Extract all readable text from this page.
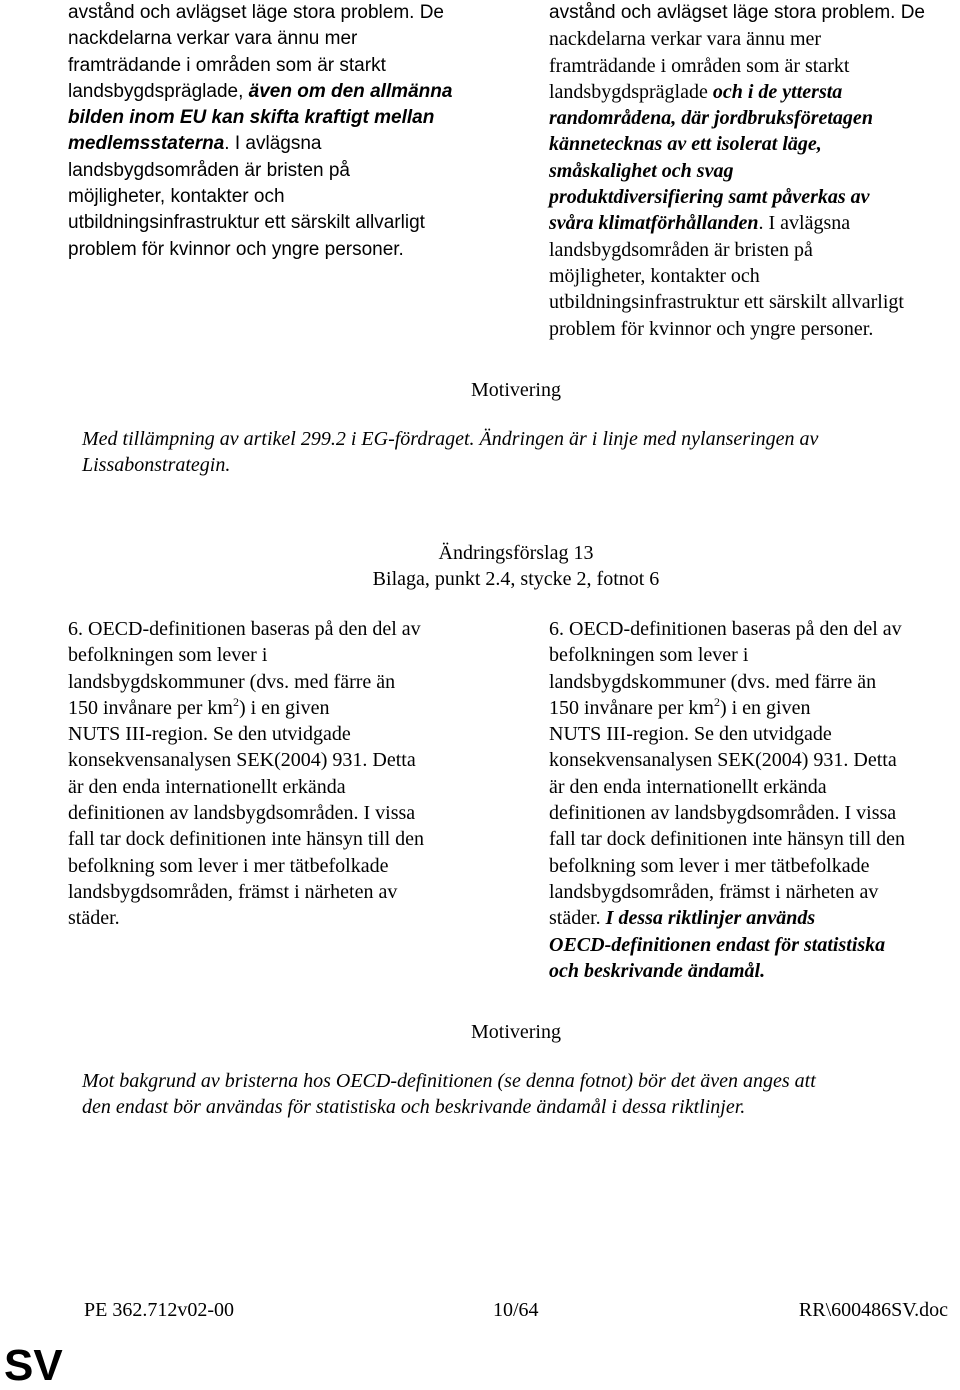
avstånd och avlägset läge stora problem. De
nackdelarna verkar vara ännu mer
framträdande i områden som är starkt
landsbygdspräglade, även om den allmänna
bilden inom EU kan skifta kraftigt mellan
medlemsstaterna. I avlägsna
landsbygdsområden är bristen på
möjligheter, kontakter och
utbildningsinfrastruktur ett särskilt allvarligt
problem för kvinnor och yngre personer.
avstånd och avlägset läge stora problem. De
nackdelarna verkar vara ännu mer
framträdande i områden som är starkt
landsbygdspräglade och i de yttersta
randområdena, där jordbruksföretagen
kännetecknas av ett isolerat läge,
småskalighet och svag
produktdiversifiering samt påverkas av
svåra klimatförhållanden. I avlägsna
landsbygdsområden är bristen på
möjligheter, kontakter och
utbildningsinfrastruktur ett särskilt allvarligt
problem för kvinnor och yngre personer.
Motivering
Med tillämpning av artikel 299.2 i EG-fördraget. Ändringen är i linje med nylanseringen av
Lissabonstrategin.
Ändringsförslag 13
Bilaga, punkt 2.4, stycke 2, fotnot 6
6. OECD-definitionen baseras på den del av
befolkningen som lever i
landsbygdskommuner (dvs. med färre än
150 invånare per $km^2$) i en given
NUTS III-region. Se den utvidgade
konsekvensanalysen SEK(2004) 931. Detta
är den enda internationellt erkända
definitionen av landsbygdsområden. I vissa
fall tar dock definitionen inte hänsyn till den
befolkning som lever i mer tätbefolkade
landsbygdsområden, främst i närheten av
städer.
6. OECD-definitionen baseras på den del av
befolkningen som lever i
landsbygdskommuner (dvs. med färre än
150 invånare per $km^2$) i en given
NUTS III-region. Se den utvidgade
konsekvensanalysen SEK(2004) 931. Detta
är den enda internationellt erkända
definitionen av landsbygdsområden. I vissa
fall tar dock definitionen inte hänsyn till den
befolkning som lever i mer tätbefolkade
landsbygdsområden, främst i närheten av
städer. I dessa riktlinjer används
OECD-definitionen endast för statistiska
och beskrivande ändamål.
Motivering
Mot bakgrund av bristerna hos OECD-definitionen (se denna fotnot) bör det även anges att
den endast bör användas för statistiska och beskrivande ändamål i dessa riktlinjer.
PE 362.712v02-00	10/64	RR\600486SV.doc
SV
